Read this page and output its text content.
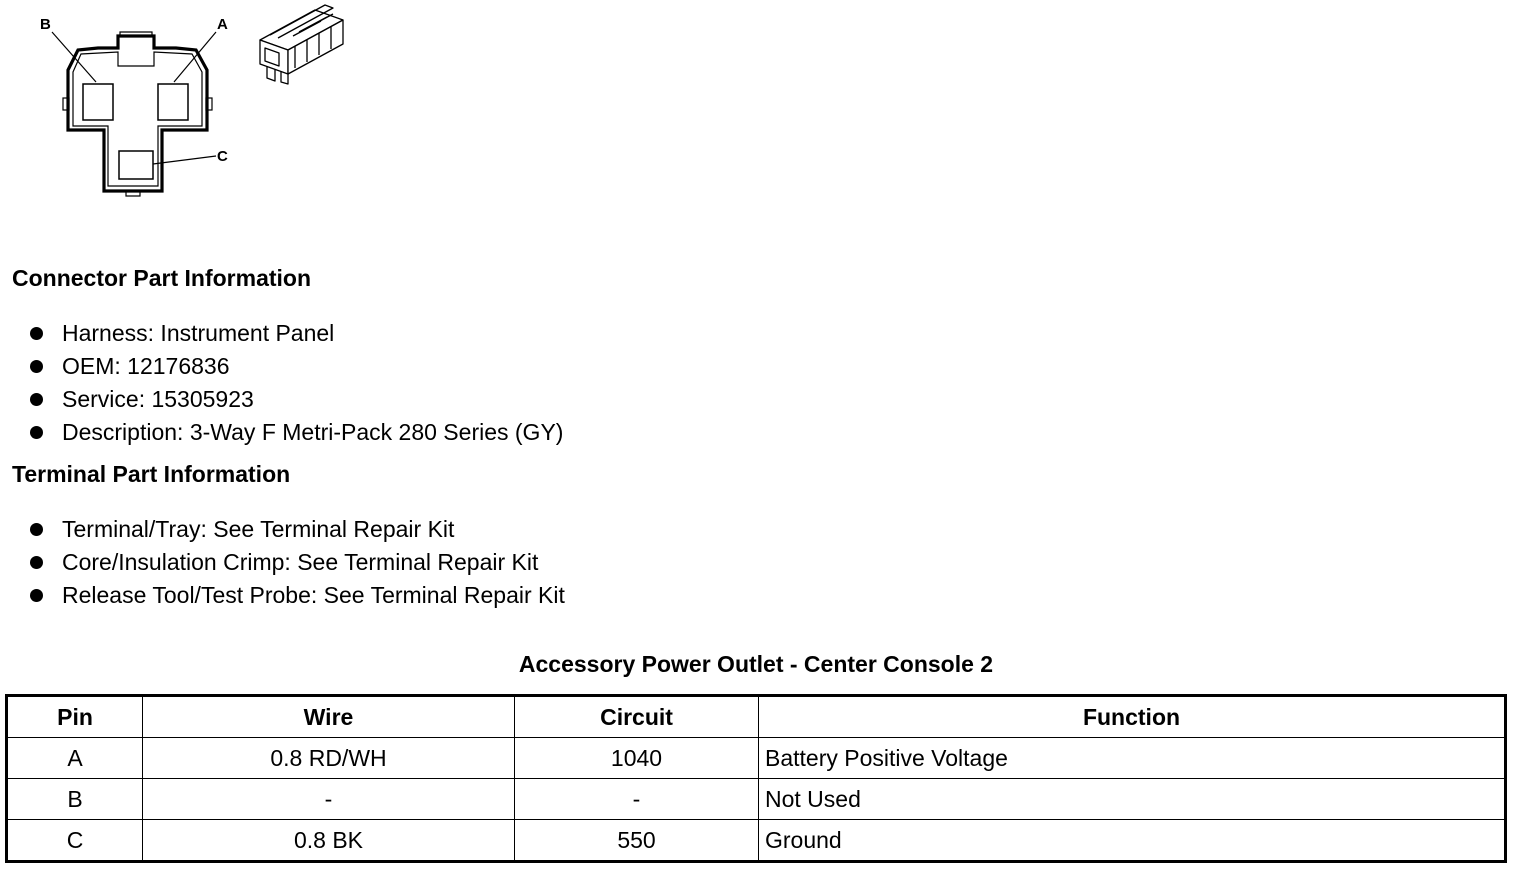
B	A
C
Connector Part Information
Harness: Instrument Panel
OEM: 12176836
Service: 15305923
Description: 3-Way F Metri-Pack 280 Series (GY)
Terminal Part Information
Terminal/Tray: See Terminal Repair Kit
Core/Insulation Crimp: See Terminal Repair Kit
Release Tool/Test Probe: See Terminal Repair Kit
Accessory Power Outlet - Center Console 2
Pin	Wire	Circuit	Function
A	0.8 RD/WH	1040	Battery Positive Voltage
B	-	-	Not Used
C	0.8 BK	550	Ground
